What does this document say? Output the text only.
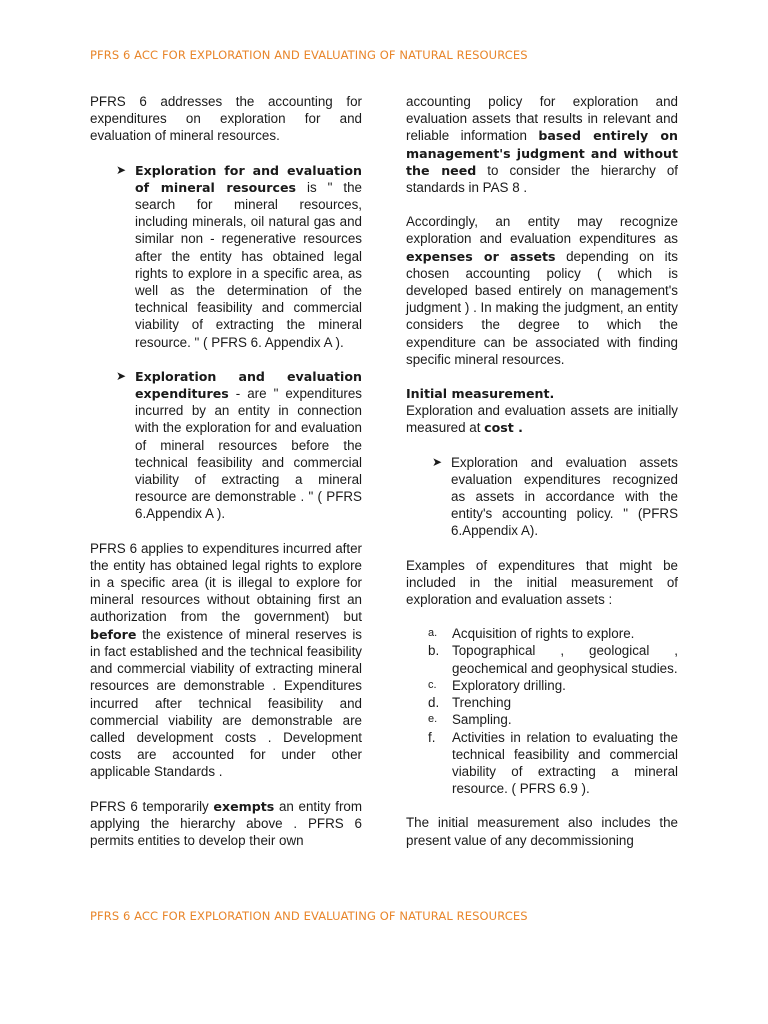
PFRS 6 ACC FOR EXPLORATION AND EVALUATING OF NATURAL RESOURCES

PFRS 6 addresses the accounting for expenditures on exploration for and evaluation of mineral resources.

➤ Exploration for and evaluation of mineral resources is " the search for mineral resources, including minerals, oil natural gas and similar non - regenerative resources after the entity has obtained legal rights to explore in a specific area, as well as the determination of the technical feasibility and commercial viability of extracting the mineral resource. " ( PFRS 6. Appendix A ).
➤ Exploration and evaluation expenditures - are " expenditures incurred by an entity in connection with the exploration for and evaluation of mineral resources before the technical feasibility and commercial viability of extracting a mineral resource are demonstrable . " ( PFRS 6.Appendix A ).

PFRS 6 applies to expenditures incurred after the entity has obtained legal rights to explore in a specific area (it is illegal to explore for mineral resources without obtaining first an authorization from the government) but before the existence of mineral reserves is in fact established and the technical feasibility and commercial viability of extracting mineral resources are demonstrable . Expenditures incurred after technical feasibility and commercial viability are demonstrable are called development costs . Development costs are accounted for under other applicable Standards .

PFRS 6 temporarily exempts an entity from applying the hierarchy above . PFRS 6 permits entities to develop their own

accounting policy for exploration and evaluation assets that results in relevant and reliable information based entirely on management's judgment and without the need to consider the hierarchy of standards in PAS 8 .

Accordingly, an entity may recognize exploration and evaluation expenditures as expenses or assets depending on its chosen accounting policy ( which is developed based entirely on management's judgment ) . In making the judgment, an entity considers the degree to which the expenditure can be associated with finding specific mineral resources.

Initial measurement.

Exploration and evaluation assets are initially measured at cost .

➤ Exploration and evaluation assets evaluation expenditures recognized as assets in accordance with the entity's accounting policy. " (PFRS 6.Appendix A).

Examples of expenditures that might be included in the initial measurement of exploration and evaluation assets :

a. Acquisition of rights to explore.
b. Topographical , geological , geochemical and geophysical studies.
c. Exploratory drilling.
d. Trenching
e. Sampling.
f. Activities in relation to evaluating the technical feasibility and commercial viability of extracting a mineral resource. ( PFRS 6.9 ).

The initial measurement also includes the present value of any decommissioning

PFRS 6 ACC FOR EXPLORATION AND EVALUATING OF NATURAL RESOURCES
